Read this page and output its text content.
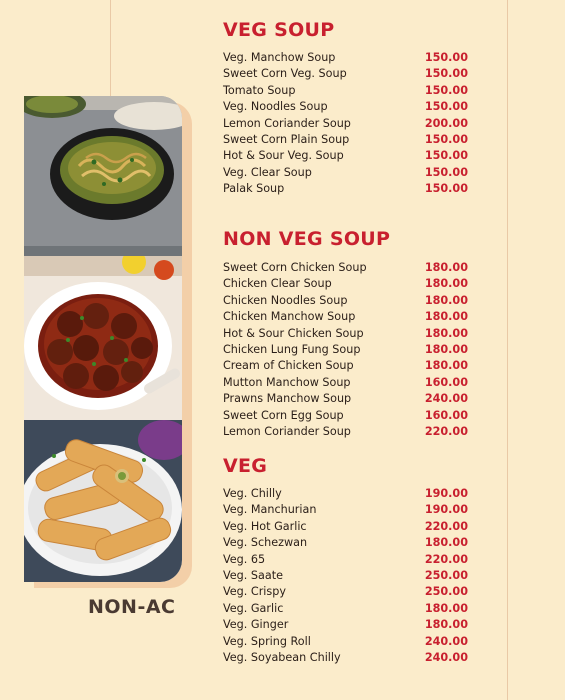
VEG SOUP
Veg. Manchow Soup	150.00
Sweet Corn Veg. Soup	150.00
Tomato Soup	150.00
Veg. Noodles Soup	150.00
Lemon Coriander Soup	200.00
Sweet Corn Plain Soup	150.00
Hot & Sour Veg. Soup	150.00
Veg. Clear Soup	150.00
Palak Soup	150.00
NON VEG SOUP
Sweet Corn Chicken Soup	180.00
Chicken Clear Soup	180.00
Chicken Noodles Soup	180.00
Chicken Manchow Soup	180.00
Hot & Sour Chicken Soup	180.00
Chicken Lung Fung Soup	180.00
Cream of Chicken Soup	180.00
Mutton Manchow Soup	160.00
Prawns Manchow Soup	240.00
Sweet Corn Egg Soup	160.00
Lemon Coriander Soup	220.00
VEG
Veg. Chilly	190.00
Veg. Manchurian	190.00
Veg. Hot Garlic	220.00
Veg. Schezwan	180.00
Veg. 65	220.00
Veg. Saate	250.00
Veg. Crispy	250.00
Veg. Garlic	180.00
Veg. Ginger	180.00
Veg. Spring Roll	240.00
Veg. Soyabean Chilly	240.00
NON-AC
